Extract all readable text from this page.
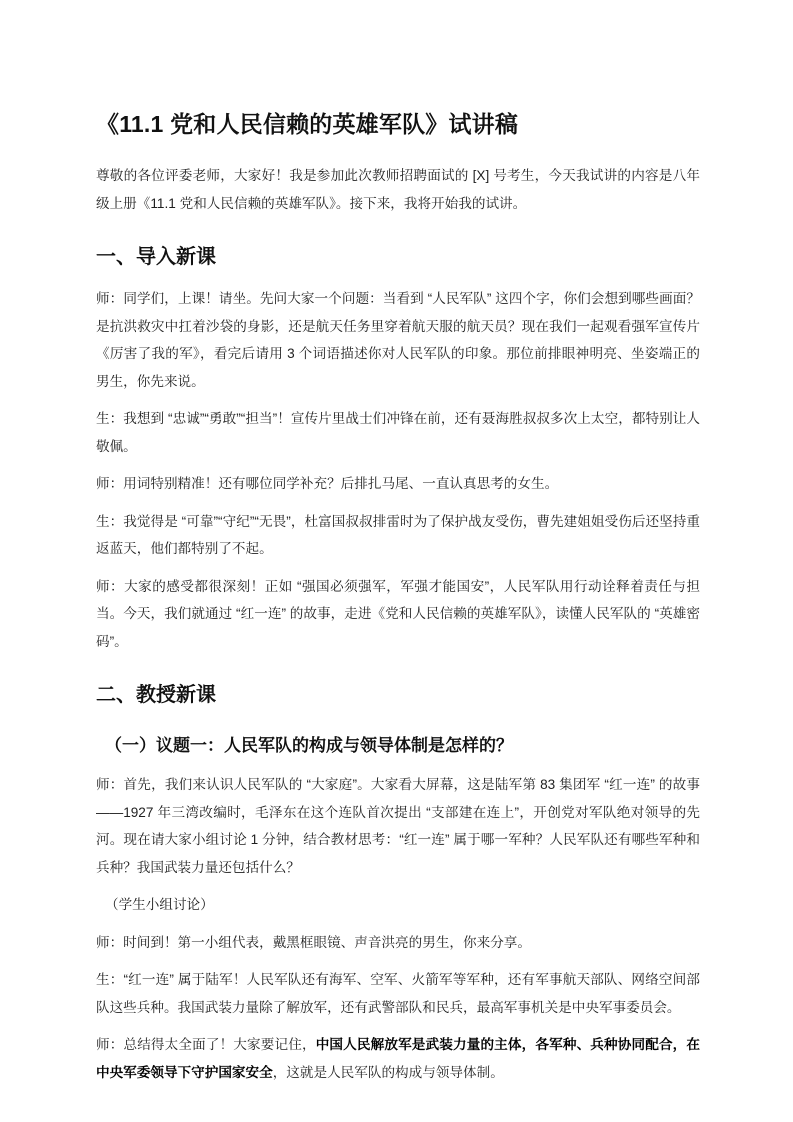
《11.1 党和人民信赖的英雄军队》试讲稿

尊敬的各位评委老师，大家好！我是参加此次教师招聘面试的 [X] 号考生，今天我试讲的内容是八年级上册《11.1 党和人民信赖的英雄军队》。接下来，我将开始我的试讲。

一、导入新课

师：同学们，上课！请坐。先问大家一个问题：当看到 “人民军队” 这四个字，你们会想到哪些画面？是抗洪救灾中扛着沙袋的身影，还是航天任务里穿着航天服的航天员？现在我们一起观看强军宣传片《厉害了我的军》，看完后请用 3 个词语描述你对人民军队的印象。那位前排眼神明亮、坐姿端正的男生，你先来说。

生：我想到 “忠诚”“勇敢”“担当”！宣传片里战士们冲锋在前，还有聂海胜叔叔多次上太空，都特别让人敬佩。

师：用词特别精准！还有哪位同学补充？后排扎马尾、一直认真思考的女生。

生：我觉得是 “可靠”“守纪”“无畏”，杜富国叔叔排雷时为了保护战友受伤，曹先建姐姐受伤后还坚持重返蓝天，他们都特别了不起。

师：大家的感受都很深刻！正如 “强国必须强军，军强才能国安”，人民军队用行动诠释着责任与担当。今天，我们就通过 “红一连” 的故事，走进《党和人民信赖的英雄军队》，读懂人民军队的 “英雄密码”。

二、教授新课
（一）议题一：人民军队的构成与领导体制是怎样的？

师：首先，我们来认识人民军队的 “大家庭”。大家看大屏幕，这是陆军第 83 集团军 “红一连” 的故事 ——1927 年三湾改编时，毛泽东在这个连队首次提出 “支部建在连上”，开创党对军队绝对领导的先河。现在请大家小组讨论 1 分钟，结合教材思考：“红一连” 属于哪一军种？人民军队还有哪些军种和兵种？我国武装力量还包括什么？

（学生小组讨论）

师：时间到！第一小组代表，戴黑框眼镜、声音洪亮的男生，你来分享。

生：“红一连” 属于陆军！人民军队还有海军、空军、火箭军等军种，还有军事航天部队、网络空间部队这些兵种。我国武装力量除了解放军，还有武警部队和民兵，最高军事机关是中央军事委员会。

师：总结得太全面了！大家要记住，中国人民解放军是武装力量的主体，各军种、兵种协同配合，在中央军委领导下守护国家安全，这就是人民军队的构成与领导体制。
